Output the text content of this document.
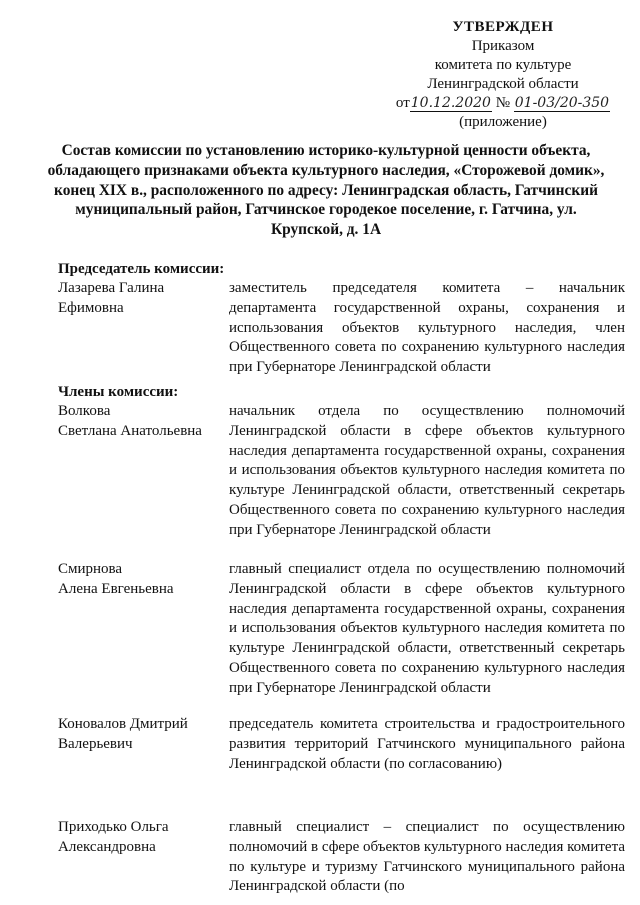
УТВЕРЖДЕН
Приказом
комитета по культуре
Ленинградской области
от10.12.2020 № 01-03/20-350
(приложение)
Состав комиссии по установлению историко-культурной ценности объекта, обладающего признаками объекта культурного наследия, «Сторожевой домик», конец XIX в., расположенного по адресу: Ленинградская область, Гатчинский муниципальный район, Гатчинское городекое поселение, г. Гатчина, ул. Крупской, д. 1А
Председатель комиссии:
Лазарева Галина
Ефимовна
заместитель председателя комитета – начальник департамента государственной охраны, сохранения и использования объектов культурного наследия, член Общественного совета по сохранению культурного наследия при Губернаторе Ленинградской области
Члены комиссии:
Волкова
Светлана Анатольевна
начальник отдела по осуществлению полномочий Ленинградской области в сфере объектов культурного наследия департамента государственной охраны, сохранения и использования объектов культурного наследия комитета по культуре Ленинградской области, ответственный секретарь Общественного совета по сохранению культурного наследия при Губернаторе Ленинградской области
Смирнова
Алена Евгеньевна
главный специалист отдела по осуществлению полномочий Ленинградской области в сфере объектов культурного наследия департамента государственной охраны, сохранения и использования объектов культурного наследия комитета по культуре Ленинградской области, ответственный секретарь Общественного совета по сохранению культурного наследия при Губернаторе Ленинградской области
Коновалов Дмитрий
Валерьевич
председатель комитета строительства и градостроительного развития территорий Гатчинского муниципального района Ленинградской области (по согласованию)
Приходько Ольга
Александровна
главный специалист – специалист по осуществлению полномочий в сфере объектов культурного наследия комитета по культуре и туризму Гатчинского муниципального района Ленинградской области (по
